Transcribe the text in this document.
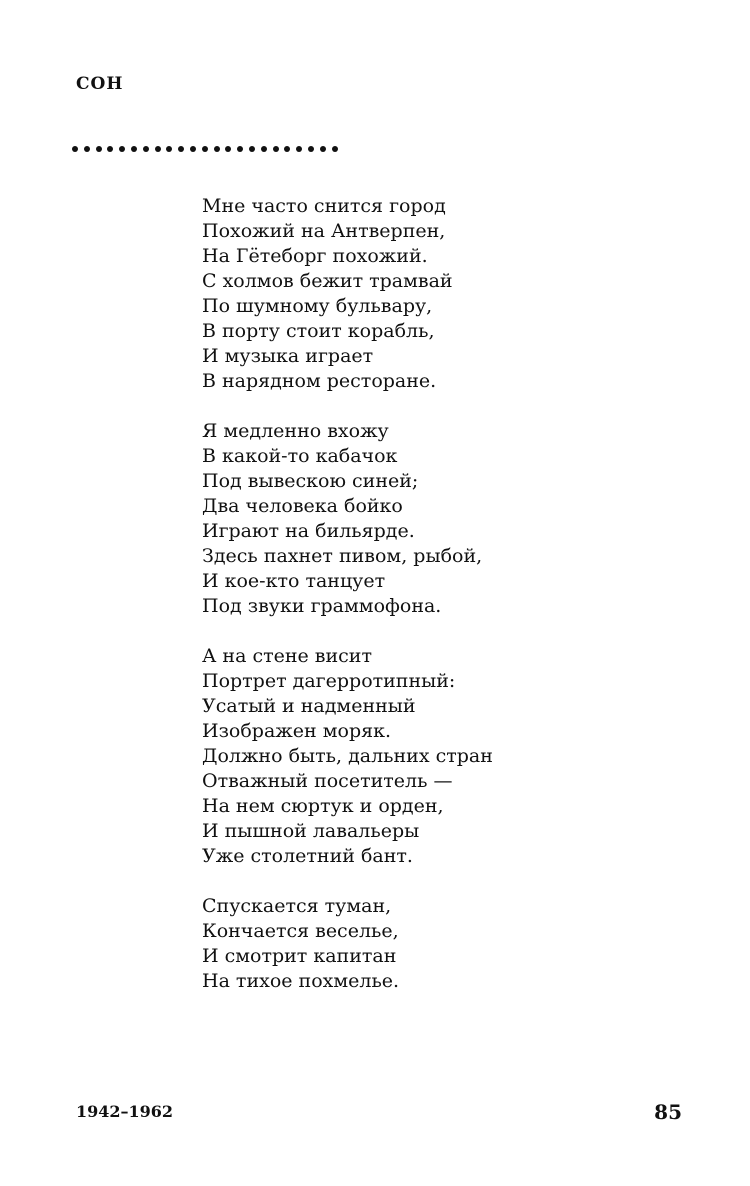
сон
Мне часто снится город
Похожий на Антверпен,
На Гётеборг похожий.
С холмов бежит трамвай
По шумному бульвару,
В порту стоит корабль,
И музыка играет
В нарядном ресторане.
Я медленно вхожу
В какой-то кабачок
Под вывескою синей;
Два человека бойко
Играют на бильярде.
Здесь пахнет пивом, рыбой,
И кое-кто танцует
Под звуки граммофона.
А на стене висит
Портрет дагерротипный:
Усатый и надменный
Изображен моряк.
Должно быть, дальних стран
Отважный посетитель —
На нем сюртук и орден,
И пышной лавальеры
Уже столетний бант.
Спускается туман,
Кончается веселье,
И смотрит капитан
На тихое похмелье.
1942–1962	85
